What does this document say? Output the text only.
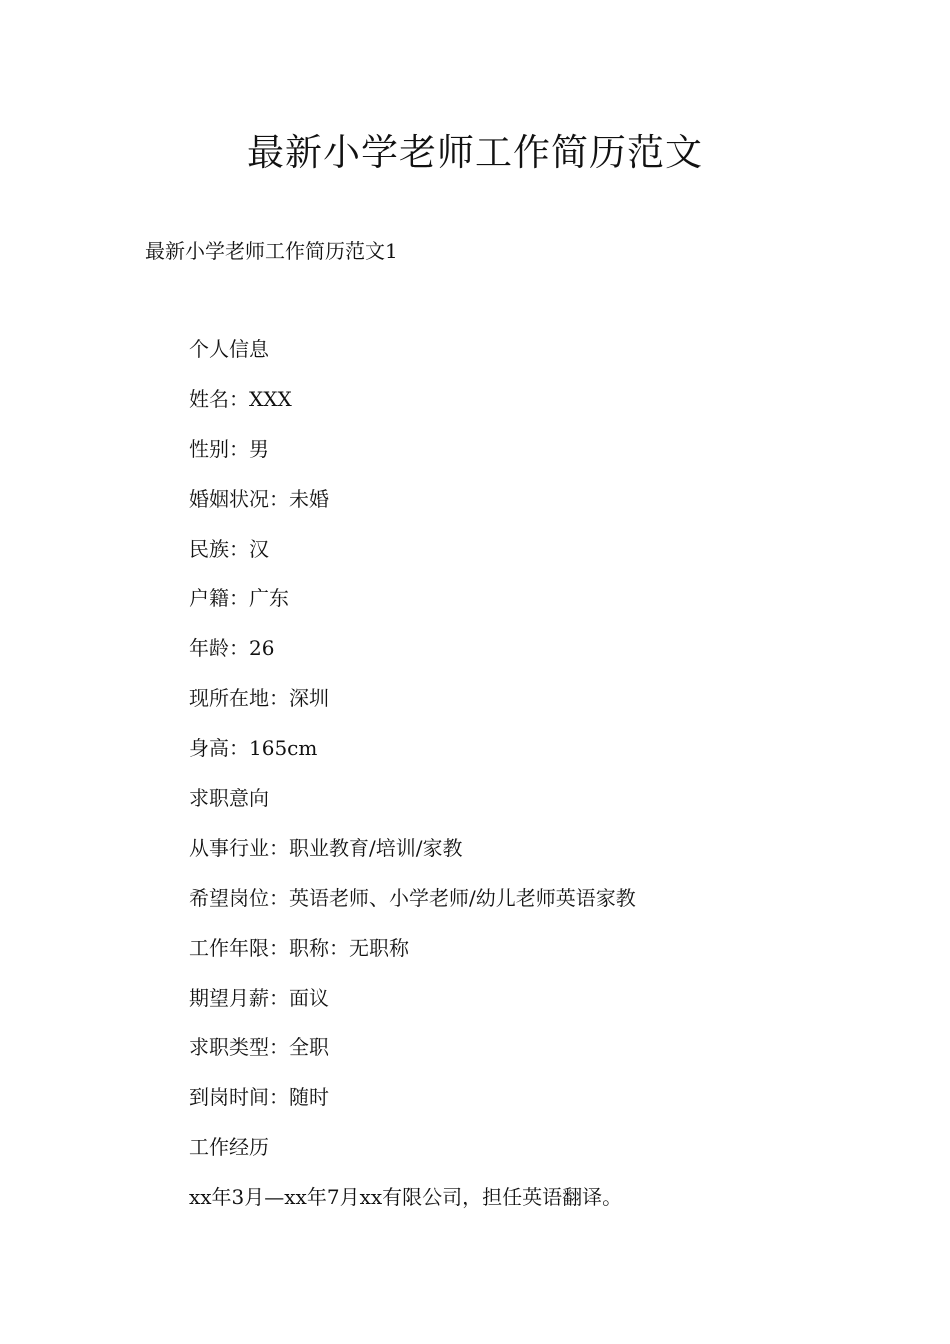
最新小学老师工作简历范文

最新小学老师工作简历范文1

个人信息
姓名：XXX
性别：男
婚姻状况：未婚
民族：汉
户籍：广东
年龄：26
现所在地：深圳
身高：165cm
求职意向
从事行业：职业教育/培训/家教
希望岗位：英语老师、小学老师/幼儿老师英语家教
工作年限：职称：无职称
期望月薪：面议
求职类型：全职
到岗时间：随时
工作经历
xx年3月—xx年7月xx有限公司，担任英语翻译。
